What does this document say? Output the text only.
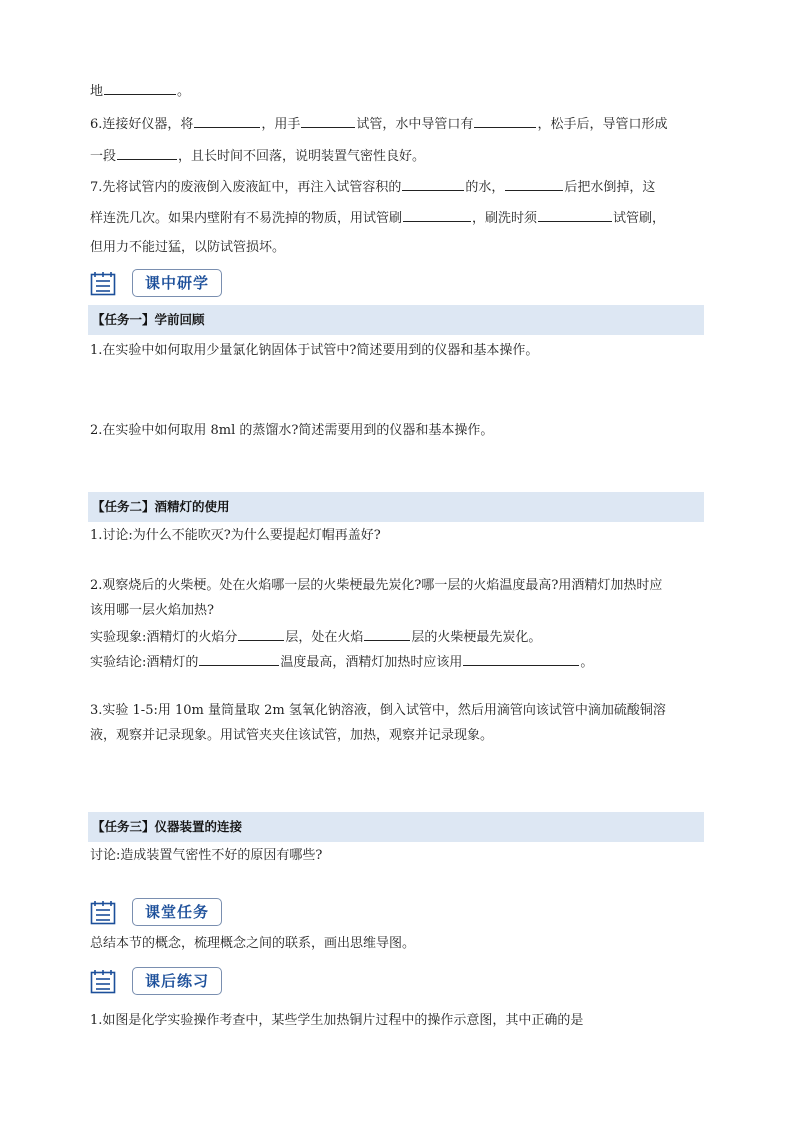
地	。
6.连接好仪器，将	，用手	试管，水中导管口有	，松手后，导管口形成
一段	，且长时间不回落，说明装置气密性良好。
7.先将试管内的废液倒入废液缸中，再注入试管容积的	的水，	后把水倒掉，这
样连洗几次。如果内壁附有不易洗掉的物质，用试管刷	，刷洗时须	试管刷，
但用力不能过猛，以防试管损坏。
课中研学
【任务一】学前回顾
1.在实验中如何取用少量氯化钠固体于试管中?简述要用到的仪器和基本操作。
2.在实验中如何取用 8ml 的蒸馏水?简述需要用到的仪器和基本操作。
【任务二】酒精灯的使用
1.讨论:为什么不能吹灭?为什么要提起灯帽再盖好?
2.观察烧后的火柴梗。处在火焰哪一层的火柴梗最先炭化?哪一层的火焰温度最高?用酒精灯加热时应
该用哪一层火焰加热?
实验现象:酒精灯的火焰分	层，处在火焰	层的火柴梗最先炭化。
实验结论:酒精灯的	温度最高，酒精灯加热时应该用	。
3.实验 1-5:用 10m 量筒量取 2m 氢氧化钠溶液，倒入试管中，然后用滴管向该试管中滴加硫酸铜溶
液，观察并记录现象。用试管夹夹住该试管，加热，观察并记录现象。
【任务三】仪器装置的连接
讨论:造成装置气密性不好的原因有哪些?
课堂任务
总结本节的概念，梳理概念之间的联系，画出思维导图。
课后练习
1.如图是化学实验操作考查中，某些学生加热铜片过程中的操作示意图，其中正确的是
